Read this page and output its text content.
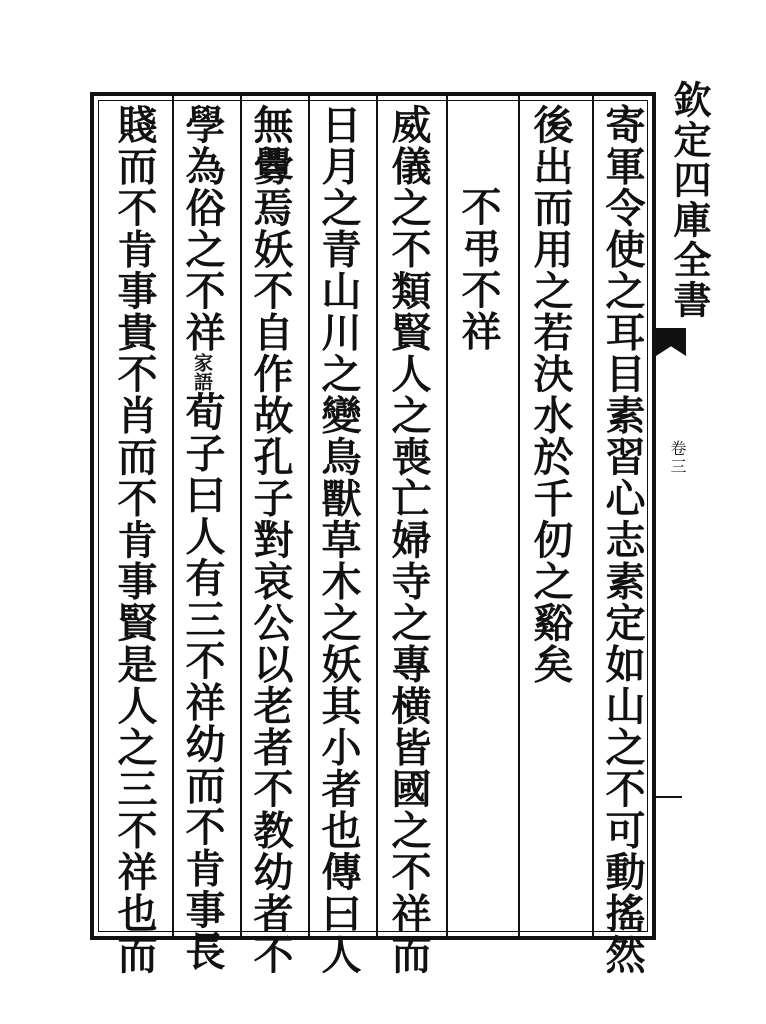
寄軍令使之耳目素習心志素定如山之不可動搖然
後出而用之若決水於千仞之谿矣
不弔不祥
威儀之不類賢人之喪亡婦寺之專横皆國之不祥而
日月之青山川之變鳥獸草木之妖其小者也傳曰人
無釁焉妖不自作故孔子對哀公以老者不教幼者不
學為俗之不祥家語荀子曰人有三不祥幼而不肯事長
賤而不肯事貴不肖而不肯事賢是人之三不祥也而	欽定四庫全書
卷三
